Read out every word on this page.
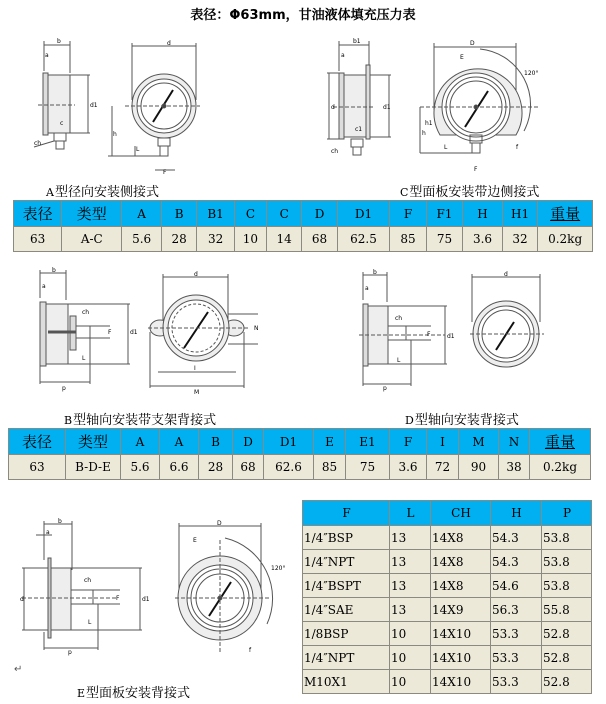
表径：Φ63mm，甘油液体填充压力表
b
a
d1
c
ch
d
h
L
F
A型径向安装侧接式
b1
a
d	d1
c1
ch
D
E
120°
h1
h
L
F
f
C型面板安装带边侧接式
表径	类型	A	B	B1	C	C	D	D1	F	F1	H	H1	重量
63	A-C	5.6	28	32	10	14	68	62.5	85	75	3.6	32	0.2kg
b
a
ch
F	d1
L
p
d
N
I
M
B型轴向安装带支架背接式
b
a
ch
F	d1
L
p
d
D型轴向安装背接式
表径	类型	A	A	B	D	D1	E	E1	F	I	M	N	重量
63	B-D-E	5.6	6.6	28	68	62.6	85	75	3.6	72	90	38	0.2kg
b
a
ch
F
d	d1
L
p
D
E
120°
f
↵
E型面板安装背接式
F	L	CH	H	P
1/4″BSP	13	14X8	54.3	53.8
1/4″NPT	13	14X8	54.3	53.8
1/4″BSPT	13	14X8	54.6	53.8
1/4″SAE	13	14X9	56.3	55.8
1/8BSP	10	14X10	53.3	52.8
1/4″NPT	10	14X10	53.3	52.8
M10X1	10	14X10	53.3	52.8
